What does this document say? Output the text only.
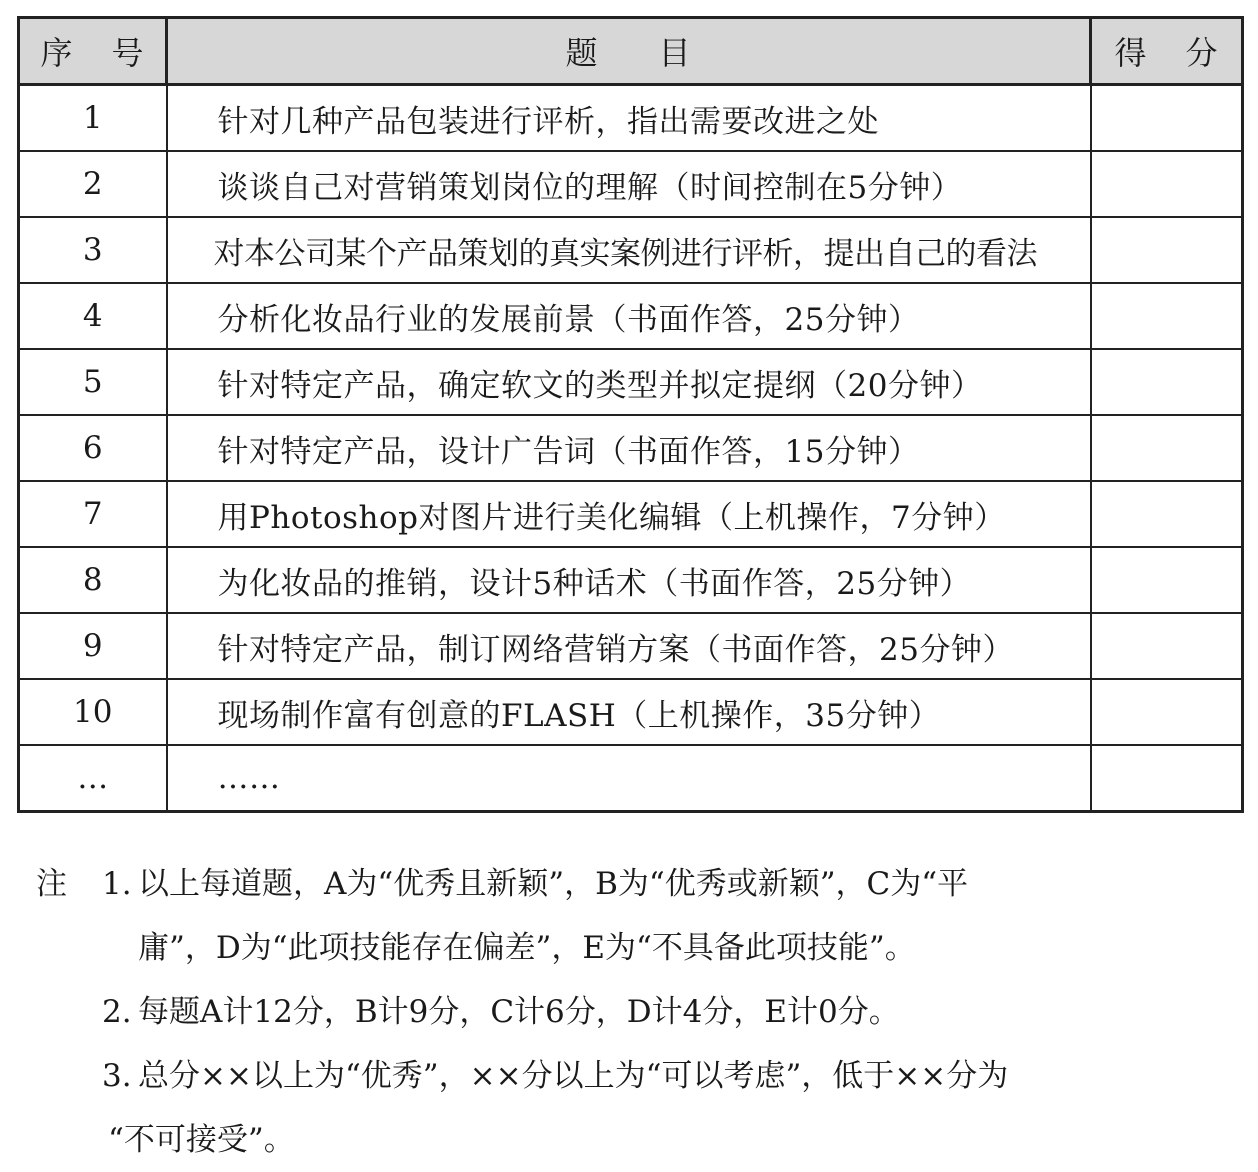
序 号	题 目	得 分
1	针对几种产品包装进行评析，指出需要改进之处	
2	谈谈自己对营销策划岗位的理解（时间控制在5分钟）	
3	对本公司某个产品策划的真实案例进行评析，提出自己的看法	
4	分析化妆品行业的发展前景（书面作答，25分钟）	
5	针对特定产品，确定软文的类型并拟定提纲（20分钟）	
6	针对特定产品，设计广告词（书面作答，15分钟）	
7	用Photoshop对图片进行美化编辑（上机操作，7分钟）	
8	为化妆品的推销，设计5种话术（书面作答，25分钟）	
9	针对特定产品，制订网络营销方案（书面作答，25分钟）	
10	现场制作富有创意的FLASH（上机操作，35分钟）	
…	……	
注 1. 以上每道题，A为“优秀且新颖”，B为“优秀或新颖”，C为“平
庸”，D为“此项技能存在偏差”，E为“不具备此项技能”。
2. 每题A计12分，B计9分，C计6分，D计4分，E计0分。
3. 总分××以上为“优秀”，××分以上为“可以考虑”，低于××分为
“不可接受”。
